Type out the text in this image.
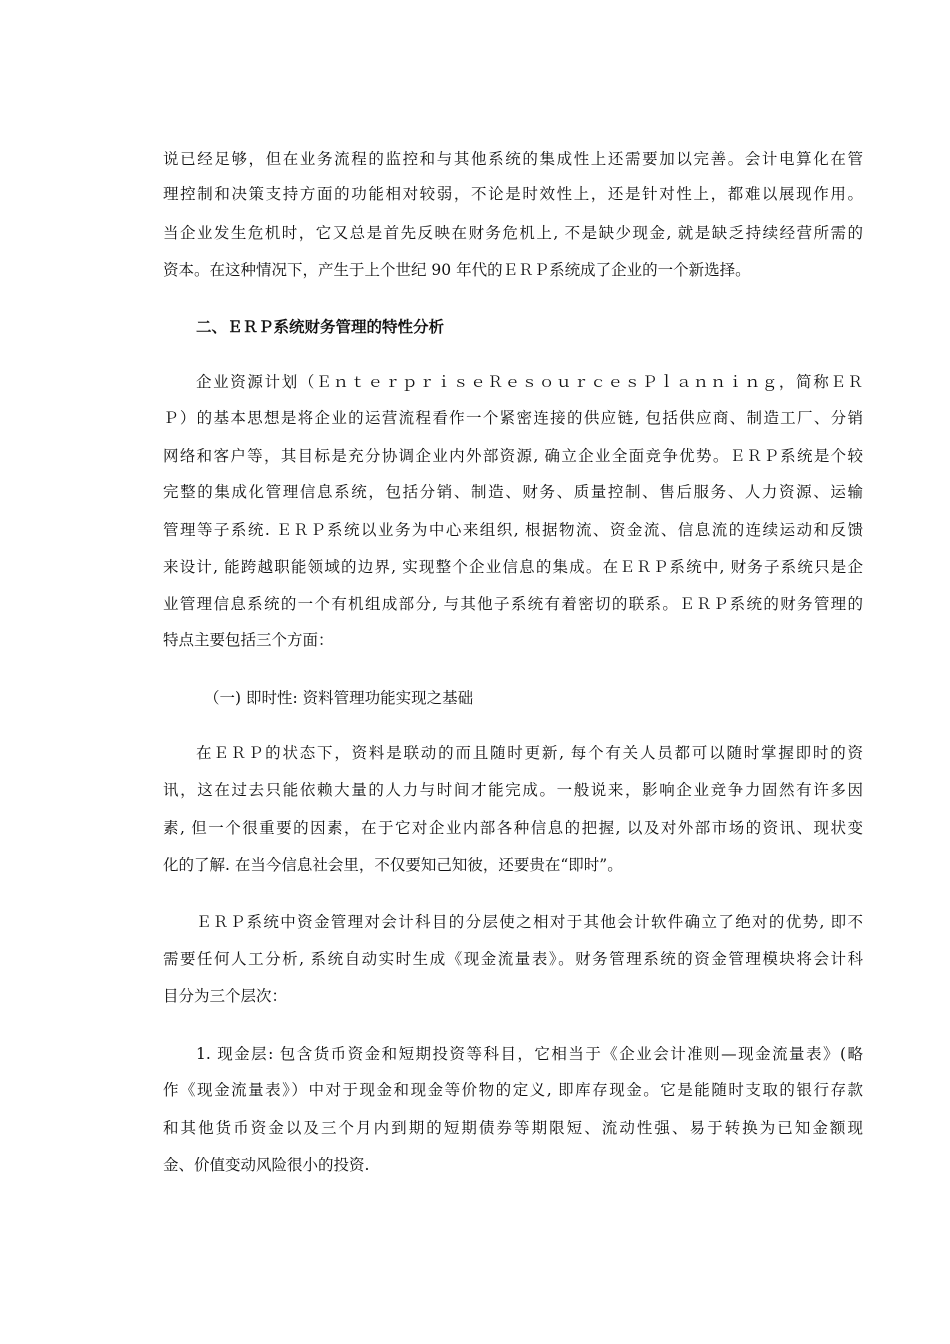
说已经足够，但在业务流程的监控和与其他系统的集成性上还需要加以完善。会计电算化在管
理控制和决策支持方面的功能相对较弱，不论是时效性上，还是针对性上，都难以展现作用。
当企业发生危机时，它又总是首先反映在财务危机上, 不是缺少现金, 就是缺乏持续经营所需的
资本。在这种情况下，产生于上个世纪 90 年代的ＥＲＰ系统成了企业的一个新选择。
二、ＥＲＰ系统财务管理的特性分析
企业资源计划（ＥｎｔｅｒｐｒｉｓｅＲｅｓｏｕｒｃｅｓＰｌａｎｎｉｎｇ，简称ＥＲ
Ｐ）的基本思想是将企业的运营流程看作一个紧密连接的供应链, 包括供应商、制造工厂、分销
网络和客户等，其目标是充分协调企业内外部资源, 确立企业全面竞争优势。ＥＲＰ系统是个较
完整的集成化管理信息系统，包括分销、制造、财务、质量控制、售后服务、人力资源、运输
管理等子系统. ＥＲＰ系统以业务为中心来组织, 根据物流、资金流、信息流的连续运动和反馈
来设计, 能跨越职能领域的边界, 实现整个企业信息的集成。在ＥＲＰ系统中, 财务子系统只是企
业管理信息系统的一个有机组成部分, 与其他子系统有着密切的联系。ＥＲＰ系统的财务管理的
特点主要包括三个方面：
（一) 即时性: 资料管理功能实现之基础
在ＥＲＰ的状态下，资料是联动的而且随时更新, 每个有关人员都可以随时掌握即时的资
讯，这在过去只能依赖大量的人力与时间才能完成。一般说来，影响企业竞争力固然有许多因
素, 但一个很重要的因素，在于它对企业内部各种信息的把握, 以及对外部市场的资讯、现状变
化的了解. 在当今信息社会里，不仅要知己知彼，还要贵在“即时”。
ＥＲＰ系统中资金管理对会计科目的分层使之相对于其他会计软件确立了绝对的优势, 即不
需要任何人工分析, 系统自动实时生成《现金流量表》。财务管理系统的资金管理模块将会计科
目分为三个层次：
1. 现金层: 包含货币资金和短期投资等科目，它相当于《企业会计准则—现金流量表》(略
作《现金流量表》）中对于现金和现金等价物的定义, 即库存现金。它是能随时支取的银行存款
和其他货币资金以及三个月内到期的短期债券等期限短、流动性强、易于转换为已知金额现
金、价值变动风险很小的投资.
